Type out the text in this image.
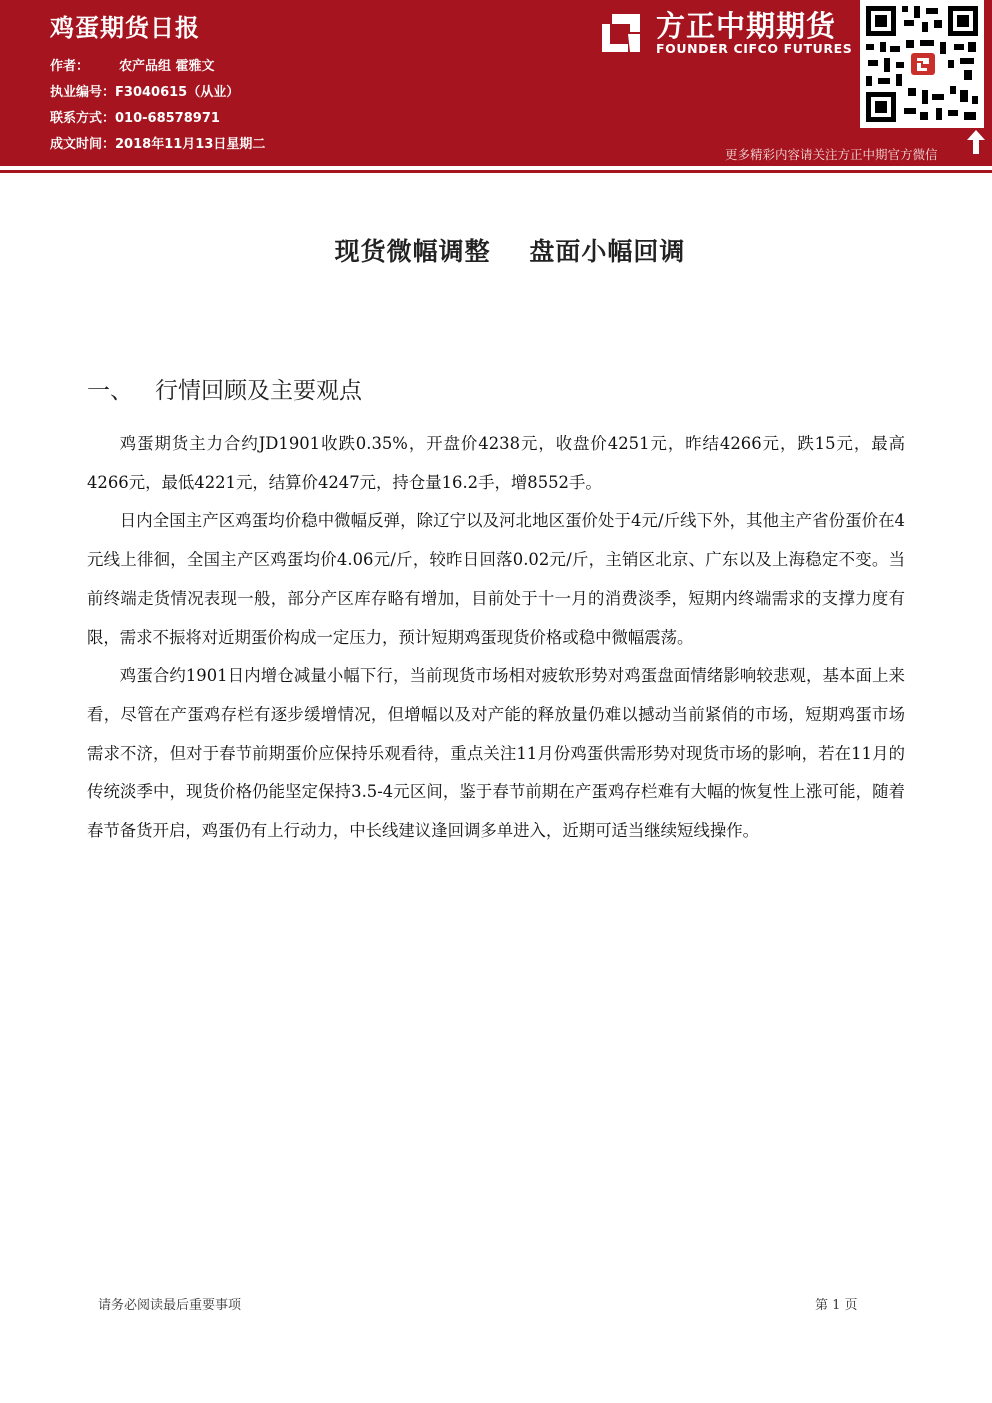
鸡蛋期货日报
作者： 农产品组 霍雅文
执业编号：F3040615（从业）
联系方式：010-68578971
成文时间：2018年11月13日星期二
方正中期期货
FOUNDER CIFCO FUTURES
更多精彩内容请关注方正中期官方微信
现货微幅调整    盘面小幅回调
一、 行情回顾及主要观点

鸡蛋期货主力合约JD1901收跌0.35%，开盘价4238元，收盘价4251元，昨结4266元，跌15元，最高4266元，最低4221元，结算价4247元，持仓量16.2手，增8552手。

日内全国主产区鸡蛋均价稳中微幅反弹，除辽宁以及河北地区蛋价处于4元/斤线下外，其他主产省份蛋价在4元线上徘徊，全国主产区鸡蛋均价4.06元/斤，较昨日回落0.02元/斤，主销区北京、广东以及上海稳定不变。当前终端走货情况表现一般，部分产区库存略有增加，目前处于十一月的消费淡季，短期内终端需求的支撑力度有限，需求不振将对近期蛋价构成一定压力，预计短期鸡蛋现货价格或稳中微幅震荡。

鸡蛋合约1901日内增仓减量小幅下行，当前现货市场相对疲软形势对鸡蛋盘面情绪影响较悲观，基本面上来看，尽管在产蛋鸡存栏有逐步缓增情况，但增幅以及对产能的释放量仍难以撼动当前紧俏的市场，短期鸡蛋市场需求不济，但对于春节前期蛋价应保持乐观看待，重点关注11月份鸡蛋供需形势对现货市场的影响，若在11月的传统淡季中，现货价格仍能坚定保持3.5-4元区间，鉴于春节前期在产蛋鸡存栏难有大幅的恢复性上涨可能，随着春节备货开启，鸡蛋仍有上行动力，中长线建议逢回调多单进入，近期可适当继续短线操作。

请务必阅读最后重要事项	第 1 页
